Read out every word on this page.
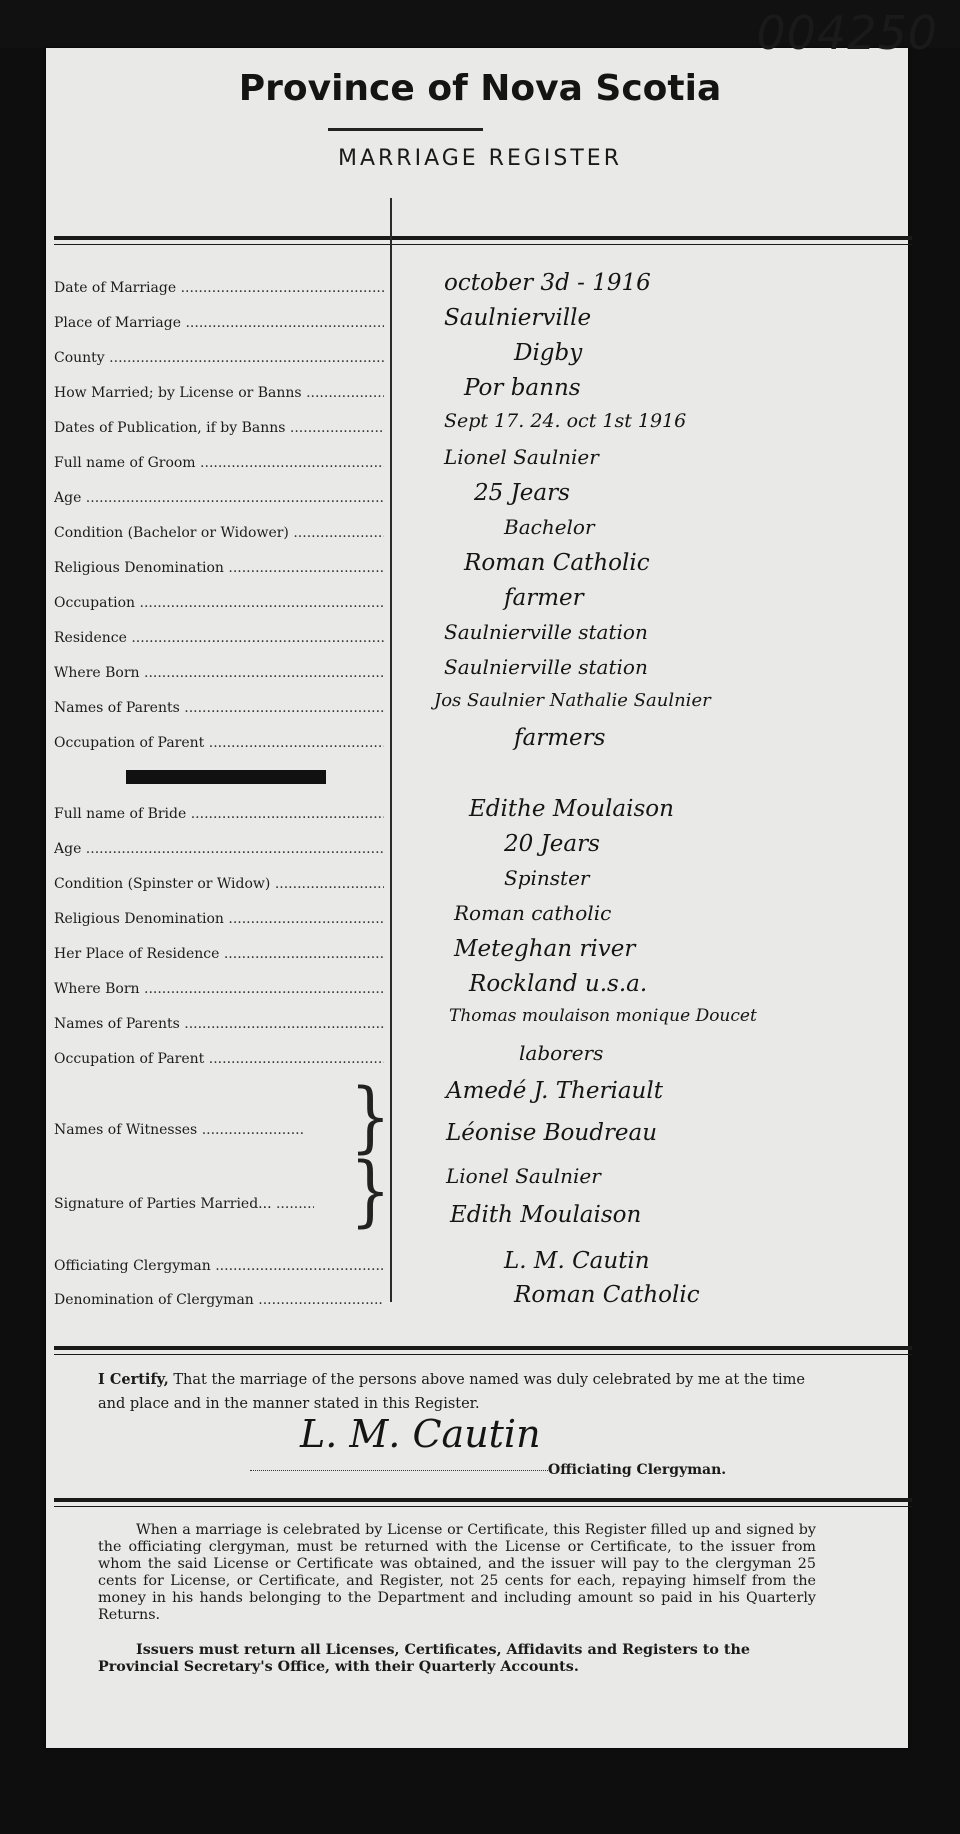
004250
Province of Nova Scotia
MARRIAGE REGISTER
Date of Marriage .....	october 3d - 1916
Place of Marriage .....	Saulnierville
County .....	Digby
How Married; by License or Banns .....	Por banns
Dates of Publication, if by Banns .....	Sept 17. 24. oct 1st 1916
Full name of Groom .....	Lionel Saulnier
Age .....	25 Jears
Condition (Bachelor or Widower) .....	Bachelor
Religious Denomination .....	Roman Catholic
Occupation .....	farmer
Residence .....	Saulnierville station
Where Born .....	Saulnierville station
Names of Parents .....	Jos Saulnier Nathalie Saulnier
Occupation of Parent .....	farmers
Full name of Bride .....	Edithe Moulaison
Age .....	20 Jears
Condition (Spinster or Widow) .....	Spinster
Religious Denomination .....	Roman catholic
Her Place of Residence .....	Meteghan river
Where Born .....	Rockland u.s.a.
Names of Parents .....	Thomas moulaison monique Doucet
Occupation of Parent .....	laborers
Names of Witnesses .....	} Amedé J. Theriault
Léonise Boudreau
Signature of Parties Married... .....	}	Lionel Saulnier
Edith Moulaison
Officiating Clergyman .....	L. M. Cautin
Denomination of Clergyman .....	Roman Catholic
I Certify, That the marriage of the persons above named was duly celebrated by me at the time and place and in the manner stated in this Register.
L. M. Cautin
Officiating Clergyman.
When a marriage is celebrated by License or Certificate, this Register filled up and signed by the officiating clergyman, must be returned with the License or Certificate, to the issuer from whom the said License or Certificate was obtained, and the issuer will pay to the clergyman 25 cents for License, or Certificate, and Register, not 25 cents for each, repaying himself from the money in his hands belonging to the Department and including amount so paid in his Quarterly Returns.
Issuers must return all Licenses, Certificates, Affidavits and Registers to the Provincial Secretary's Office, with their Quarterly Accounts.
